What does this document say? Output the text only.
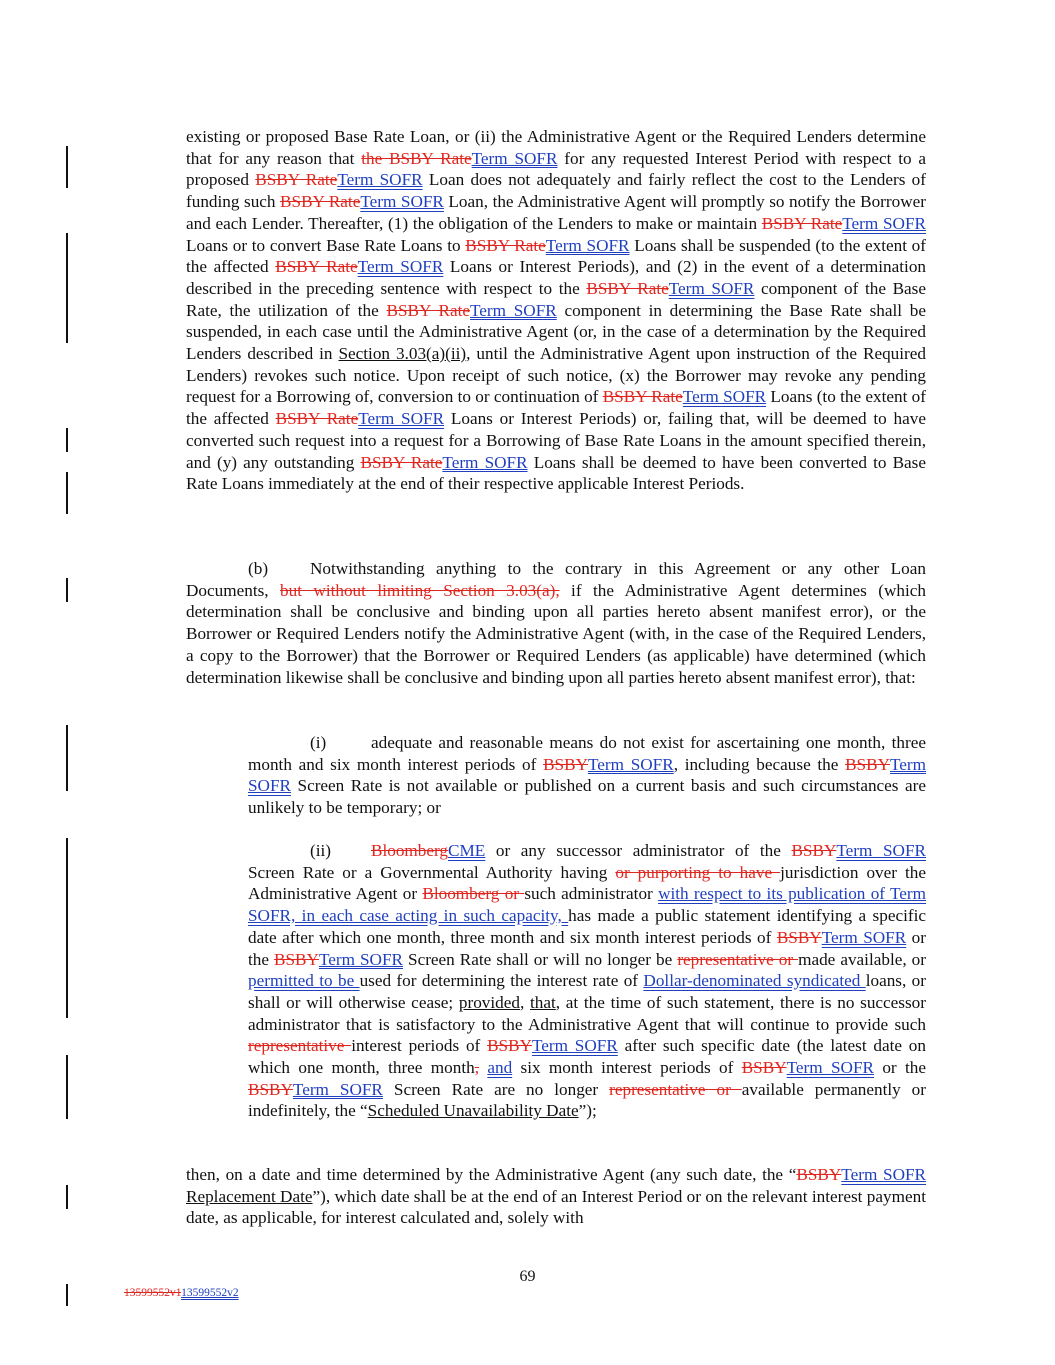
existing or proposed Base Rate Loan, or (ii) the Administrative Agent or the Required Lenders determine that for any reason that the BSBY RateTerm SOFR for any requested Interest Period with respect to a proposed BSBY RateTerm SOFR Loan does not adequately and fairly reflect the cost to the Lenders of funding such BSBY RateTerm SOFR Loan, the Administrative Agent will promptly so notify the Borrower and each Lender. Thereafter, (1) the obligation of the Lenders to make or maintain BSBY RateTerm SOFR Loans or to convert Base Rate Loans to BSBY RateTerm SOFR Loans shall be suspended (to the extent of the affected BSBY RateTerm SOFR Loans or Interest Periods), and (2) in the event of a determination described in the preceding sentence with respect to the BSBY RateTerm SOFR component of the Base Rate, the utilization of the BSBY RateTerm SOFR component in determining the Base Rate shall be suspended, in each case until the Administrative Agent (or, in the case of a determination by the Required Lenders described in Section 3.03(a)(ii), until the Administrative Agent upon instruction of the Required Lenders) revokes such notice. Upon receipt of such notice, (x) the Borrower may revoke any pending request for a Borrowing of, conversion to or continuation of BSBY RateTerm SOFR Loans (to the extent of the affected BSBY RateTerm SOFR Loans or Interest Periods) or, failing that, will be deemed to have converted such request into a request for a Borrowing of Base Rate Loans in the amount specified therein, and (y) any outstanding BSBY RateTerm SOFR Loans shall be deemed to have been converted to Base Rate Loans immediately at the end of their respective applicable Interest Periods.

(b) Notwithstanding anything to the contrary in this Agreement or any other Loan Documents, but without limiting Section 3.03(a), if the Administrative Agent determines (which determination shall be conclusive and binding upon all parties hereto absent manifest error), or the Borrower or Required Lenders notify the Administrative Agent (with, in the case of the Required Lenders, a copy to the Borrower) that the Borrower or Required Lenders (as applicable) have determined (which determination likewise shall be conclusive and binding upon all parties hereto absent manifest error), that:

(i)	adequate and reasonable means do not exist for ascertaining one month, three month and six month interest periods of BSBYTerm SOFR, including because the BSBYTerm SOFR Screen Rate is not available or published on a current basis and such circumstances are unlikely to be temporary; or

(ii) BloombergCME or any successor administrator of the BSBYTerm SOFR Screen Rate or a Governmental Authority having or purporting to have jurisdiction over the Administrative Agent or Bloomberg or such administrator with respect to its publication of Term SOFR, in each case acting in such capacity, has made a public statement identifying a specific date after which one month, three month and six month interest periods of BSBYTerm SOFR or the BSBYTerm SOFR Screen Rate shall or will no longer be representative or made available, or permitted to be used for determining the interest rate of Dollar-denominated syndicated loans, or shall or will otherwise cease; provided, that, at the time of such statement, there is no successor administrator that is satisfactory to the Administrative Agent that will continue to provide such representative interest periods of BSBYTerm SOFR after such specific date (the latest date on which one month, three month, and six month interest periods of BSBYTerm SOFR or the BSBYTerm SOFR Screen Rate are no longer representative or available permanently or indefinitely, the “Scheduled Unavailability Date”);

then, on a date and time determined by the Administrative Agent (any such date, the “BSBYTerm SOFR Replacement Date”), which date shall be at the end of an Interest Period or on the relevant interest payment date, as applicable, for interest calculated and, solely with

69
13599552v113599552v2
